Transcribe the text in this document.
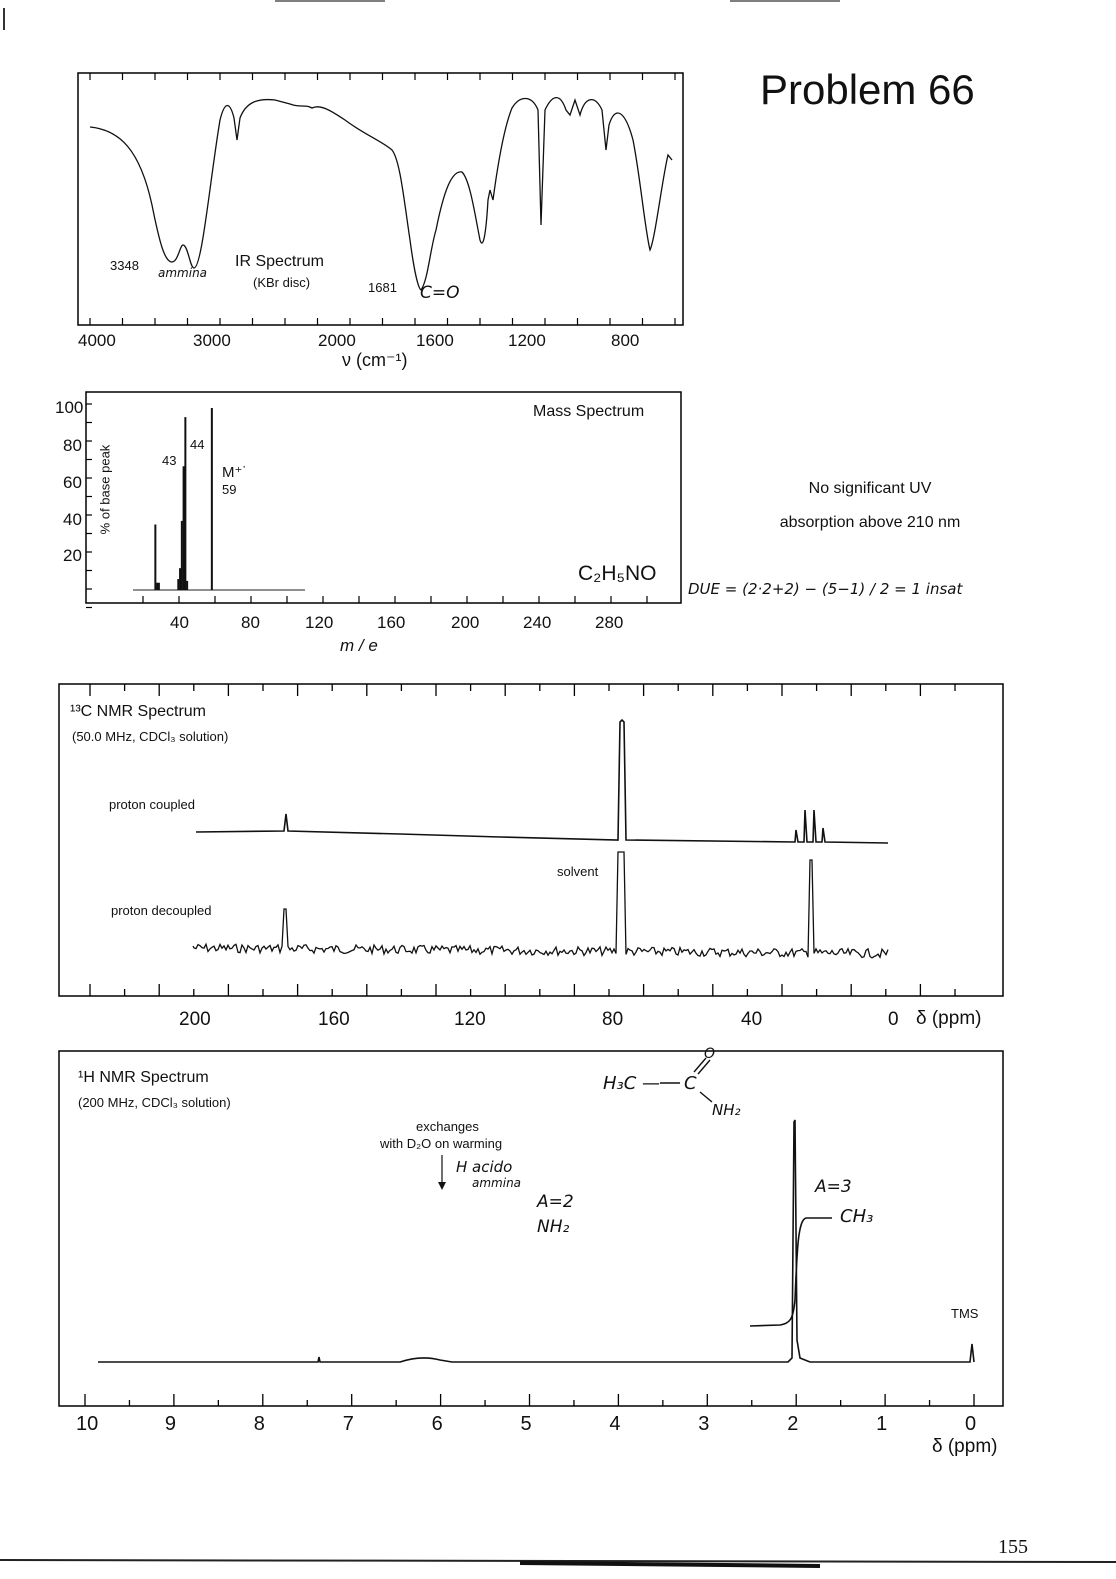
Problem 66
3348 ammina
IR Spectrum
(KBr disc)	1681 C=O
4000	3000	2000	1600	1200	800
ν (cm⁻¹)
100
80
60
40
20
% of base peak	43
44
M⁺˙
59
Mass Spectrum
C₂H₅NO
40	80	120	160	200	240	280
m / e
No significant UV
absorption above 210 nm
DUE = (2·2+2) − (5−1) / 2 = 1 insat
¹³C NMR Spectrum
(50.0 MHz, CDCl₃ solution)
proton coupled
proton decoupled
solvent
200	160	120	80	40	0 δ (ppm)
¹H NMR Spectrum
(200 MHz, CDCl₃ solution)
exchanges
with D₂O on warming
H acido
ammina
A=2
NH₂
A=3
CH₃
TMS
H₃C — C
O
NH₂
10	9	8	7	6	5	4	3	2	1	0
δ (ppm)
155
